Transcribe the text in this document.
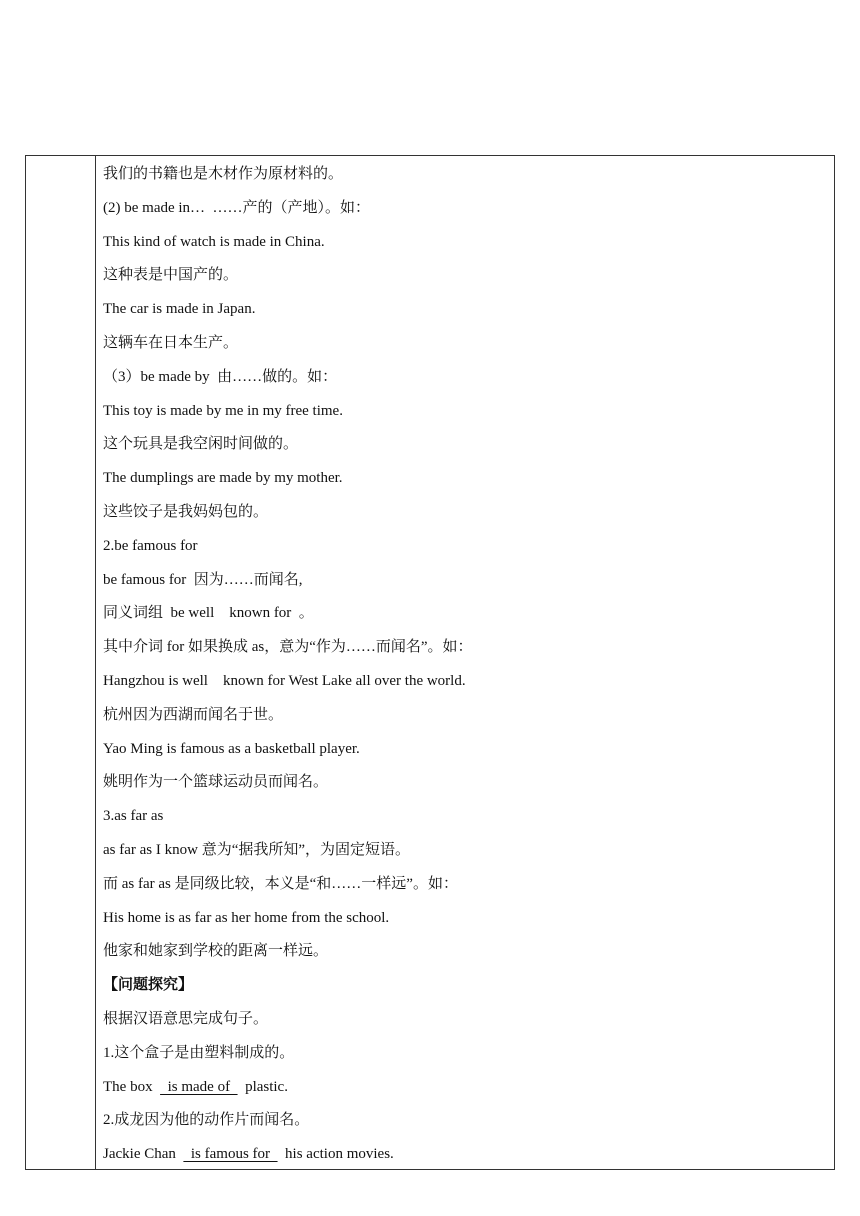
我们的书籍也是木材作为原材料的。
(2) be made in…  ……产的（产地）。如：
This kind of watch is made in China.
这种表是中国产的。
The car is made in Japan.
这辆车在日本生产。
（3）be made by  由……做的。如：
This toy is made by me in my free time.
这个玩具是我空闲时间做的。
The dumplings are made by my mother.
这些饺子是我妈妈包的。
2.be famous for
be famous for  因为……而闻名,
同义词组  be well    known for  。
其中介词 for 如果换成 as，意为“作为……而闻名”。如：
Hangzhou is well    known for West Lake all over the world.
杭州因为西湖而闻名于世。
Yao Ming is famous as a basketball player.
姚明作为一个篮球运动员而闻名。
3.as far as
as far as I know 意为“据我所知”，为固定短语。
而 as far as 是同级比较，本义是“和……一样远”。如：
His home is as far as her home from the school.
他家和她家到学校的距离一样远。
【问题探究】
根据汉语意思完成句子。
1.这个盒子是由塑料制成的。
The box    is made of    plastic.
2.成龙因为他的动作片而闻名。
Jackie Chan    is famous for    his action movies.
